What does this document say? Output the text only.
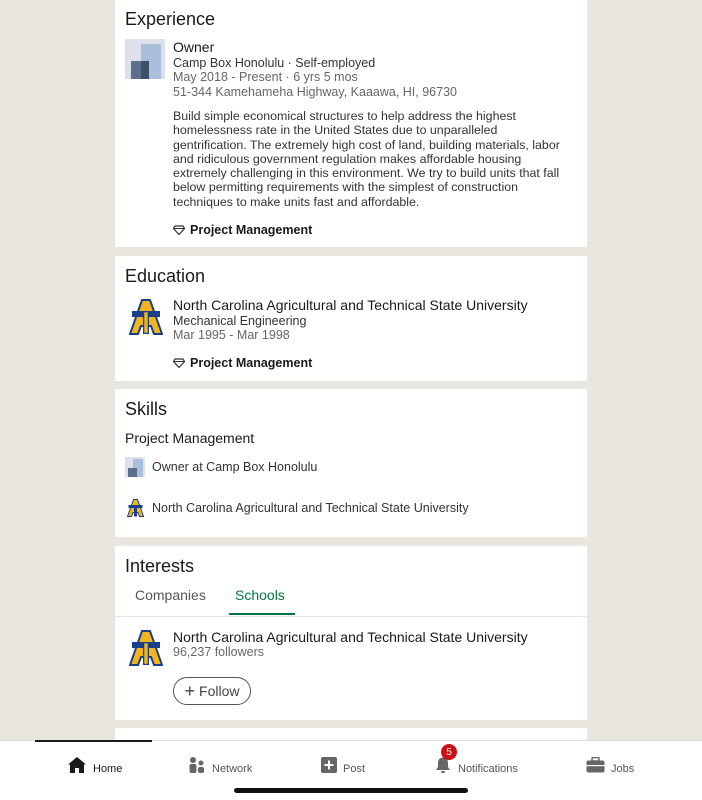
Experience
Owner
Camp Box Honolulu · Self-employed
May 2018 - Present · 6 yrs 5 mos
51-344 Kamehameha Highway, Kaaawa, HI, 96730
Build simple economical structures to help address the highest homelessness rate in the United States due to unparalleled gentrification. The extremely high cost of land, building materials, labor and ridiculous government regulation makes affordable housing extremely challenging in this environment. We try to build units that fall below permitting requirements with the simplest of construction techniques to make units fast and affordable.
Project Management
Education
North Carolina Agricultural and Technical State University
Mechanical Engineering
Mar 1995 - Mar 1998
Project Management
Skills
Project Management
Owner at Camp Box Honolulu
North Carolina Agricultural and Technical State University
Interests
Companies Schools
North Carolina Agricultural and Technical State University
96,237 followers
+ Follow
Home	Network	Post	Notifications
5
Jobs
